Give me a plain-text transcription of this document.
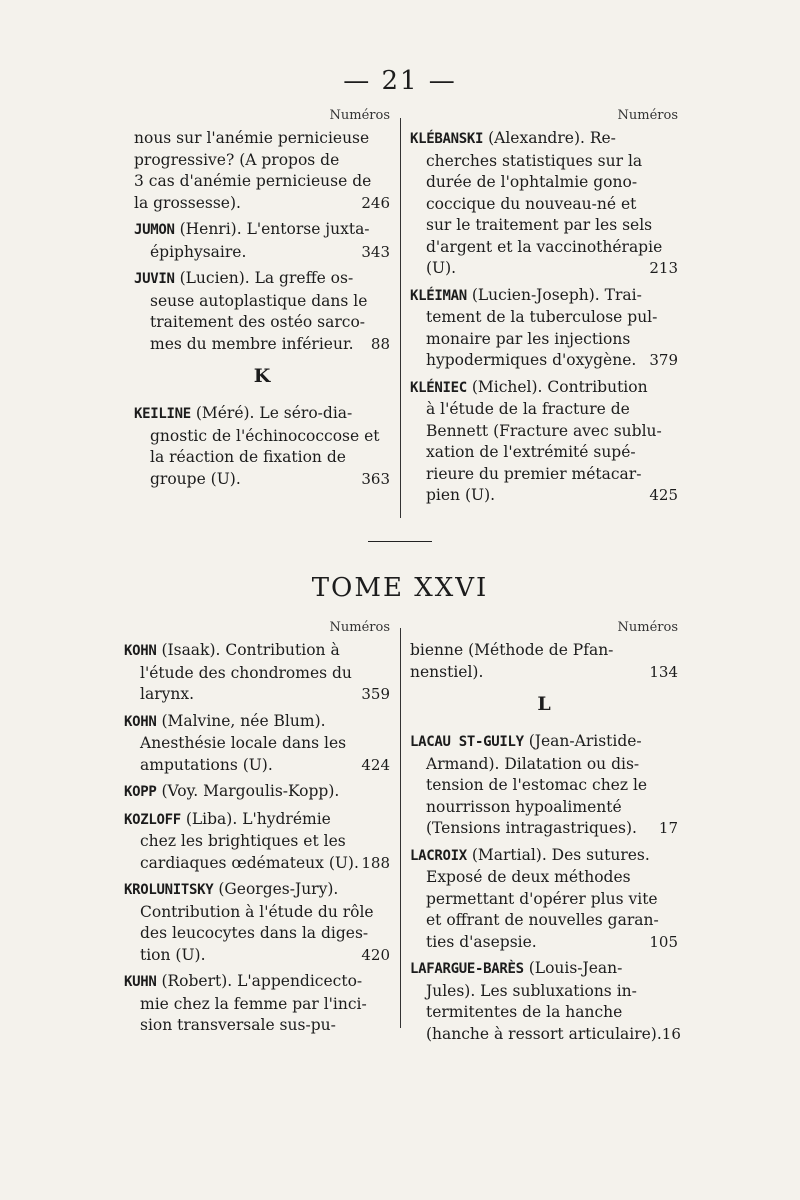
— 21 —
Numéros
nous sur l'anémie pernicieuse
progressive? (A propos de
3 cas d'anémie pernicieuse de
la grossesse).	246
JUMON (Henri). L'entorse juxta-
épiphysaire.	343
JUVIN (Lucien). La greffe os-
seuse autoplastique dans le
traitement des ostéo sarco-
mes du membre inférieur. 88
K
KEILINE (Méré). Le séro-dia-
gnostic de l'échinococcose et
la réaction de fixation de
groupe (U).	363
Numéros
KLÉBANSKI (Alexandre). Re-
cherches statistiques sur la
durée de l'ophtalmie gono-
coccique du nouveau-né et
sur le traitement par les sels
d'argent et la vaccinothérapie
(U).	213
KLÉIMAN (Lucien-Joseph). Trai-
tement de la tuberculose pul-
monaire par les injections
hypodermiques d'oxygène. 379
KLÉNIEC (Michel). Contribution
à l'étude de la fracture de
Bennett (Fracture avec sublu-
xation de l'extrémité supé-
rieure du premier métacar-
pien (U).	425
TOME XXVI
Numéros
KOHN (Isaak). Contribution à
l'étude des chondromes du
larynx.	359
KOHN (Malvine, née Blum).
Anesthésie locale dans les
amputations (U).	424
KOPP (Voy. Margoulis-Kopp).
KOZLOFF (Liba). L'hydrémie
chez les brightiques et les
cardiaques œdémateux (U). 188
KROLUNITSKY (Georges-Jury).
Contribution à l'étude du rôle
des leucocytes dans la diges-
tion (U).	420
KUHN (Robert). L'appendicecto-
mie chez la femme par l'inci-
sion transversale sus-pu-
Numéros
bienne (Méthode de Pfan-
nenstiel).	134
L
LACAU ST-GUILY (Jean-Aristide-
Armand). Dilatation ou dis-
tension de l'estomac chez le
nourrisson hypoalimenté
(Tensions intragastriques). 17
LACROIX (Martial). Des sutures.
Exposé de deux méthodes
permettant d'opérer plus vite
et offrant de nouvelles garan-
ties d'asepsie.	105
LAFARGUE-BARÈS (Louis-Jean-
Jules). Les subluxations in-
termitentes de la hanche
(hanche à ressort articulaire). 16
